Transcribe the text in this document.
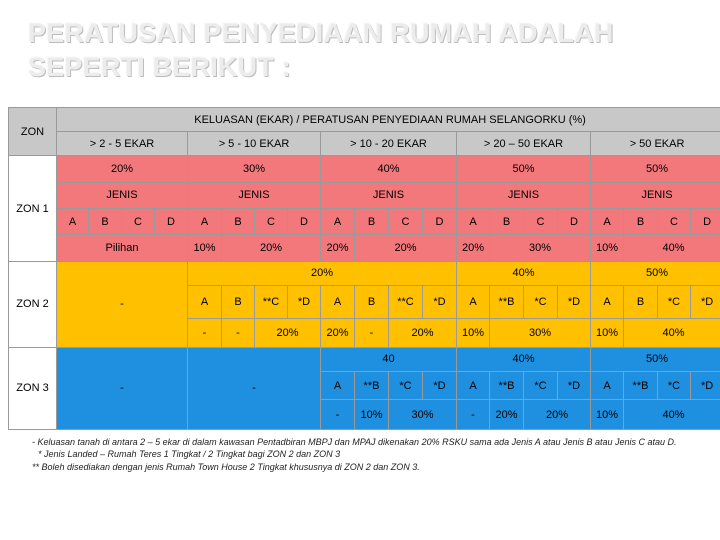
PERATUSAN PENYEDIAAN RUMAH ADALAH SEPERTI BERIKUT :
ZON	KELUASAN (EKAR) / PERATUSAN PENYEDIAAN RUMAH SELANGORKU (%)																			
	> 2 - 5 EKAR				> 5 - 10 EKAR				> 10 - 20 EKAR				> 20 – 50 EKAR				> 50 EKAR			
ZON 1	20%				30%				40%				50%				50%			
	JENIS				JENIS				JENIS				JENIS				JENIS			
	A	B	C	D	A	B	C	D	A	B	C	D	A	B	C	D	A	B	C	D
	Pilihan				10%	20%			20%	20%			20%	30%			10%	40%		
ZON 2	-				20%								40%				50%			
					A	B	**C	*D	A	B	**C	*D	A	**B	*C	*D	A	B	*C	*D
					-	-	20%		20%	-	20%		10%	30%			10%	40%		
ZON 3	-				-				40				40%				50%			
									A	**B	*C	*D	A	**B	*C	*D	A	**B	*C	*D
									-	10%	30%		-	20%	20%		10%	40%		
- Keluasan tanah di antara 2 – 5 ekar di dalam kawasan Pentadbiran MBPJ dan MPAJ dikenakan 20% RSKU sama ada Jenis A atau Jenis B atau Jenis C atau D.
* Jenis Landed – Rumah Teres 1 Tingkat / 2 Tingkat bagi ZON 2 dan ZON 3
** Boleh disediakan dengan jenis Rumah Town House 2 Tingkat khususnya di ZON 2 dan ZON 3.
